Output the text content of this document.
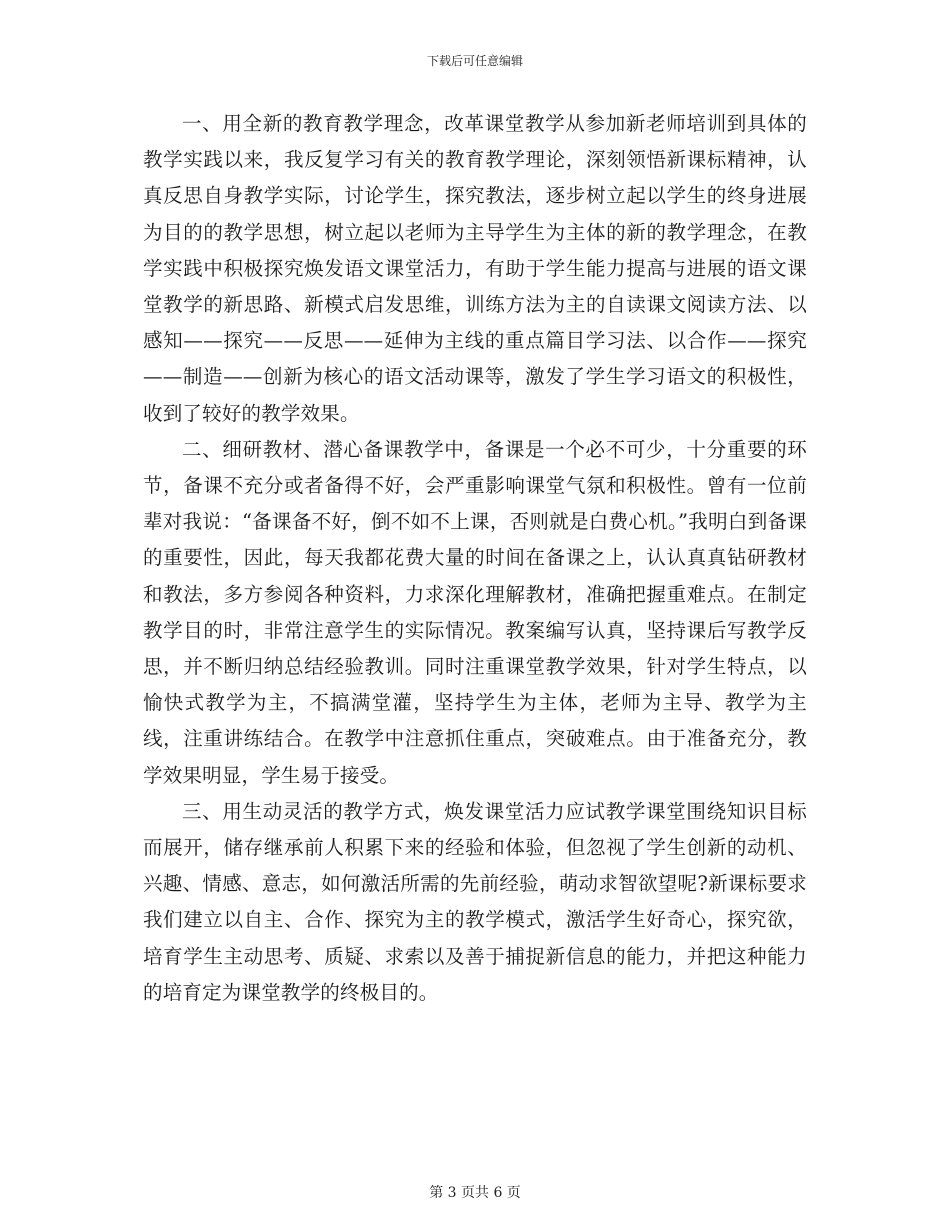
下载后可任意编辑

一、用全新的教育教学理念，改革课堂教学从参加新老师培训到具体的教学实践以来，我反复学习有关的教育教学理论，深刻领悟新课标精神，认真反思自身教学实际，讨论学生，探究教法，逐步树立起以学生的终身进展为目的的教学思想，树立起以老师为主导学生为主体的新的教学理念，在教学实践中积极探究焕发语文课堂活力，有助于学生能力提高与进展的语文课堂教学的新思路、新模式启发思维，训练方法为主的自读课文阅读方法、以感知——探究——反思——延伸为主线的重点篇目学习法、以合作——探究——制造——创新为核心的语文活动课等，激发了学生学习语文的积极性，收到了较好的教学效果。

二、细研教材、潜心备课教学中，备课是一个必不可少，十分重要的环节，备课不充分或者备得不好，会严重影响课堂气氛和积极性。曾有一位前辈对我说：“备课备不好，倒不如不上课，否则就是白费心机。”我明白到备课的重要性，因此，每天我都花费大量的时间在备课之上，认认真真钻研教材和教法，多方参阅各种资料，力求深化理解教材，准确把握重难点。在制定教学目的时，非常注意学生的实际情况。教案编写认真，坚持课后写教学反思，并不断归纳总结经验教训。同时注重课堂教学效果，针对学生特点，以愉快式教学为主，不搞满堂灌，坚持学生为主体，老师为主导、教学为主线，注重讲练结合。在教学中注意抓住重点，突破难点。由于准备充分，教学效果明显，学生易于接受。

三、用生动灵活的教学方式，焕发课堂活力应试教学课堂围绕知识目标而展开，储存继承前人积累下来的经验和体验，但忽视了学生创新的动机、兴趣、情感、意志，如何激活所需的先前经验，萌动求智欲望呢?新课标要求我们建立以自主、合作、探究为主的教学模式，激活学生好奇心，探究欲，培育学生主动思考、质疑、求索以及善于捕捉新信息的能力，并把这种能力的培育定为课堂教学的终极目的。

第 3 页共 6 页
